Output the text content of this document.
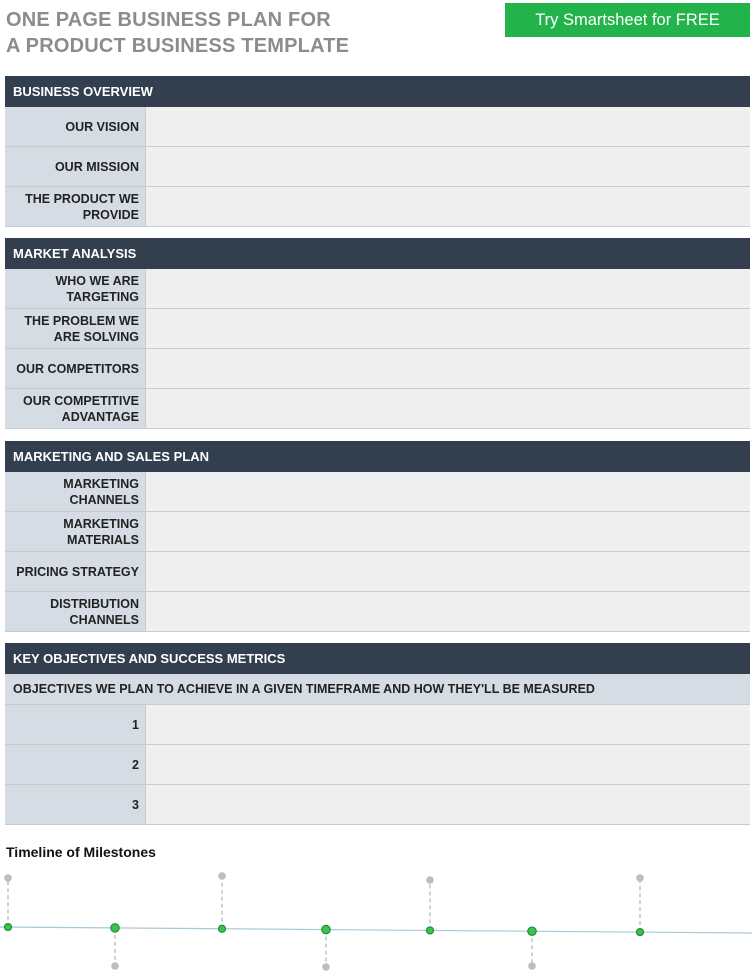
ONE PAGE BUSINESS PLAN FOR
A PRODUCT BUSINESS TEMPLATE
Try Smartsheet for FREE
BUSINESS OVERVIEW
OUR VISION
OUR MISSION
THE PRODUCT WE PROVIDE
MARKET ANALYSIS
WHO WE ARE TARGETING
THE PROBLEM WE ARE SOLVING
OUR COMPETITORS
OUR COMPETITIVE ADVANTAGE
MARKETING AND SALES PLAN
MARKETING CHANNELS
MARKETING MATERIALS
PRICING STRATEGY
DISTRIBUTION CHANNELS
KEY OBJECTIVES AND SUCCESS METRICS
OBJECTIVES WE PLAN TO ACHIEVE IN A GIVEN TIMEFRAME AND HOW THEY'LL BE MEASURED
1
2
3
Timeline of Milestones
